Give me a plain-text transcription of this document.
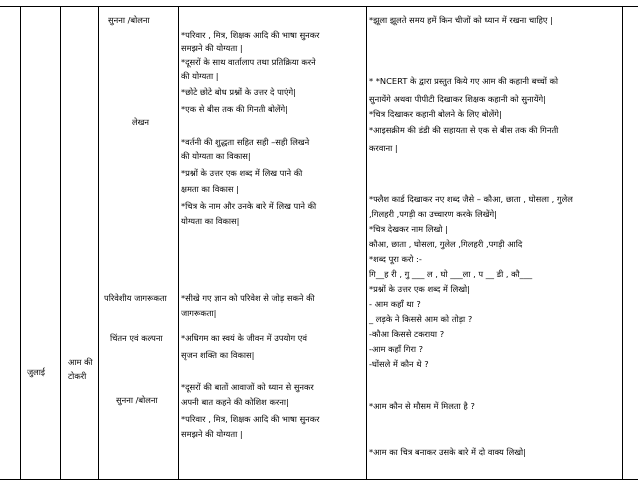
जुलाई
आम की
टोकरी
सुनना /बोलना
लेखन
परिवेशीय जागरूकता
चिंतन एवं कल्पना
सुनना /बोलना
*परिवार , मित्र, शिक्षक आदि की भाषा सुनकर
समझने की योग्यता |
*दूसरों के साथ वार्तालाप तथा प्रतिक्रिया करने
की योग्यता |
*छोटे छोटे बोध प्रश्नों के उत्तर दे पाएंगे|
*एक से बीस तक की गिनती बोलेंगे|
*वर्तनी की शुद्धता सहित सही –सही लिखने
की योग्यता का विकास|
*प्रश्नों के उत्तर एक शब्द में लिख पाने की
क्षमता का विकास |
*चित्र के नाम और उनके बारे में लिख पाने की
योग्यता का विकास|
*सीखे गए ज्ञान को परिवेश से जोड़ सकने की
जागरूकता|
*अधिगम का स्वयं के जीवन में उपयोग एवं
सृजन शक्ति का विकास|
*दूसरों की बातों आवाजों को ध्यान से सुनकर
अपनी बात कहने की कोशिश करना|
*परिवार , मित्र, शिक्षक आदि की भाषा सुनकर
समझने की योग्यता |
*झूला झूलते समय हमें किन चीजों को ध्यान में रखना चाहिए |
* *NCERT के द्वारा प्रस्तुत किये गए आम की कहानी बच्चों को
सुनायेंगे अथवा पीपीटी दिखाकर शिक्षक कहानी को सुनायेंगे|
*चित्र दिखाकर कहानी बोलने के लिए बोलेंगे|
*आइसक्रीम की डंडी की सहायता से एक से बीस तक की गिनती
करवाना |
*फ्लैश कार्ड दिखाकर नए शब्द जैसे – कौआ, छाता , घोसला , गुलेल
,गिलहरी ,पगड़ी का उच्चारण करके लिखेंगे|
*चित्र देखकर नाम लिखो |
कौआ, छाता , घोसला, गुलेल ,गिलहरी ,पगड़ी आदि
*शब्द पूरा करो :-
गि__ह री , गु ___ ल , घो ___ला , प __ डी , कौ___
*प्रश्नों के उत्तर एक शब्द में लिखो|
- आम कहाँ था ?
_ लड़के ने किससे आम को तोड़ा ?
-कौआ किससे टकराया ?
-आम कहाँ गिरा ?
-घोंसले में कौन थे ?
*आम कौन से मौसम में मिलता है ?
*आम का चित्र बनाकर उसके बारे में दो वाक्य लिखो|
